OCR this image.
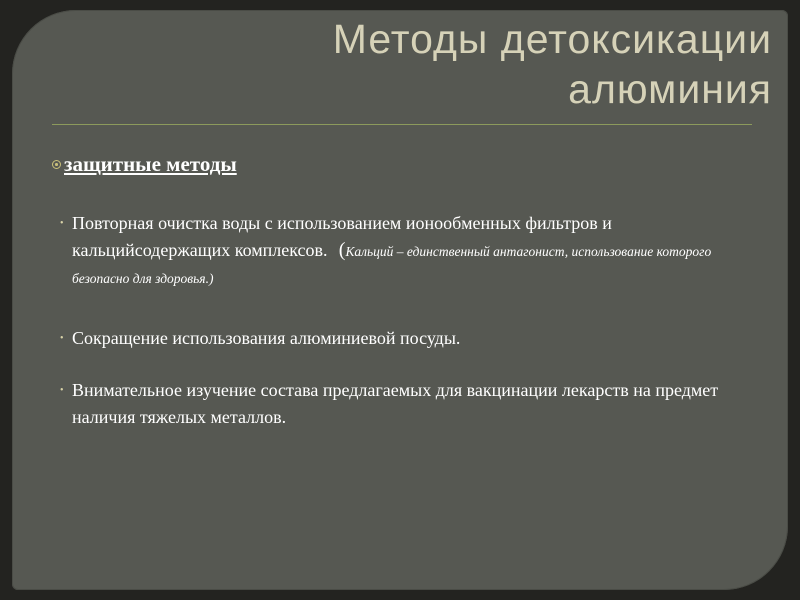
Методы детоксикации
алюминия
защитные методы
• Повторная очистка воды с использованием ионообменных фильтров и кальцийсодержащих комплексов. (Кальций – единственный антагонист, использование которого безопасно для здоровья.)
• Сокращение использования алюминиевой посуды.
• Внимательное изучение состава предлагаемых для вакцинации лекарств на предмет наличия тяжелых металлов.
